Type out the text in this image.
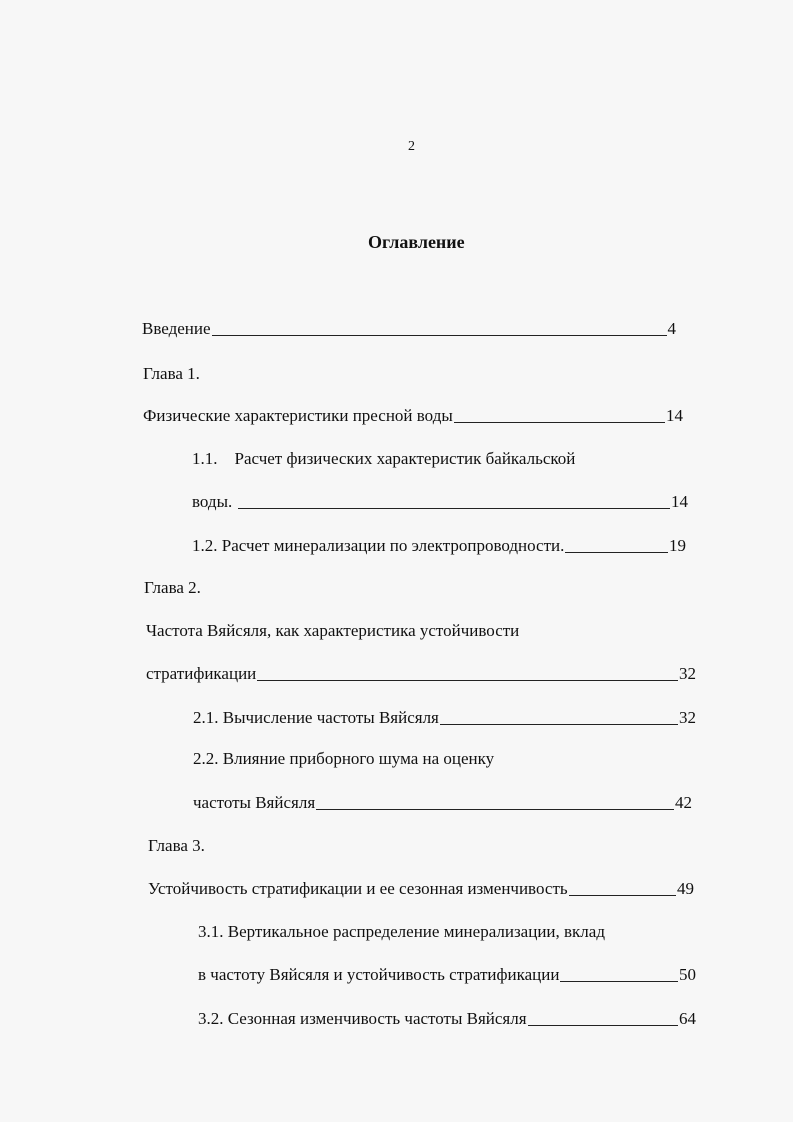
2
Оглавление
Введение	4
Глава 1.
Физические характеристики пресной воды	14
1.1.    Расчет физических характеристик байкальской
воды.	14
1.2. Расчет минерализации по электропроводности.	19
Глава 2.
Частота Вяйсяля, как характеристика устойчивости
стратификации	32
2.1. Вычисление частоты Вяйсяля	32
2.2. Влияние приборного шума на оценку
частоты Вяйсяля	42
Глава 3.
Устойчивость стратификации и ее сезонная изменчивость	49
3.1. Вертикальное распределение минерализации, вклад
в частоту Вяйсяля и устойчивость стратификации	50
3.2. Сезонная изменчивость частоты Вяйсяля	64
